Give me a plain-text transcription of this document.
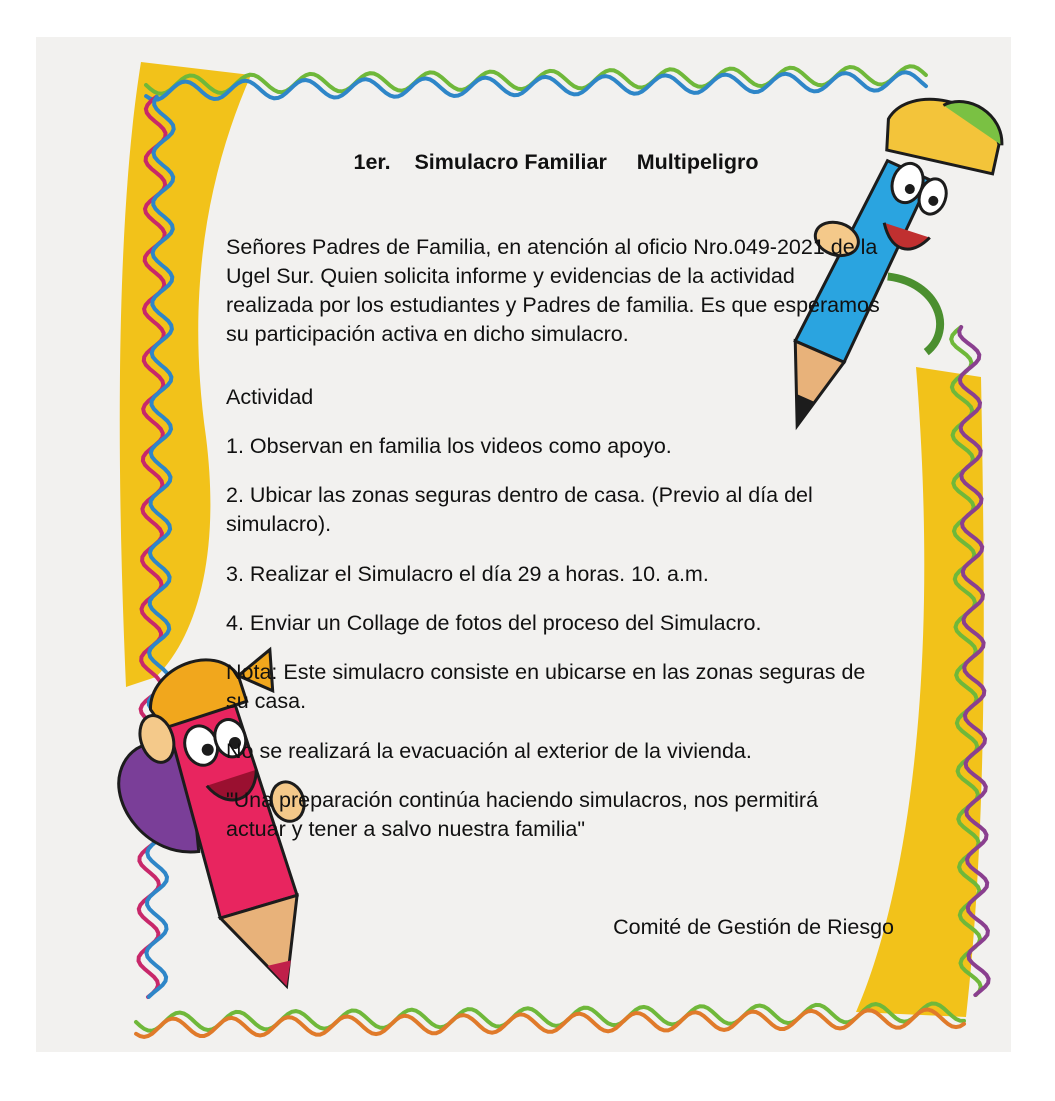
1er.    Simulacro Familiar     Multipeligro

Señores Padres de Familia, en atención al oficio Nro.049-2021 de la Ugel Sur. Quien solicita informe y evidencias de la actividad realizada por los estudiantes y Padres de familia. Es que esperamos su participación activa en dicho simulacro.

Actividad

1. Observan en familia los videos como apoyo.

2. Ubicar las zonas seguras dentro de casa. (Previo al día del simulacro).

3. Realizar el Simulacro el día 29 a horas. 10. a.m.

4. Enviar un Collage de fotos del proceso del Simulacro.

Nota: Este simulacro consiste en ubicarse en las zonas seguras de su casa.

No se realizará la evacuación al exterior de la vivienda.

"Una preparación continúa haciendo simulacros, nos permitirá actuar y tener a salvo nuestra familia"

Comité de Gestión de Riesgo
